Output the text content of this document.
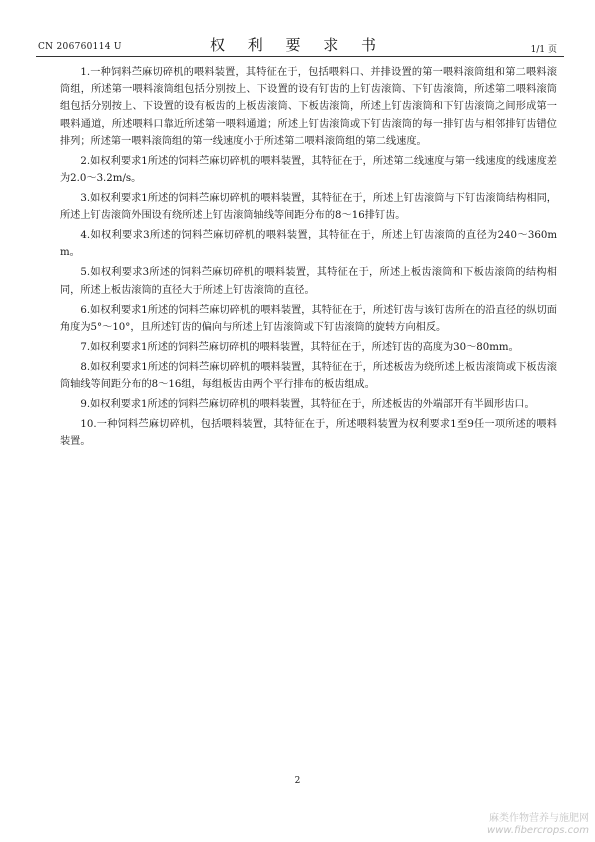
CN 206760114 U	权 利 要 求 书	1/1 页
1.一种饲料苎麻切碎机的喂料装置，其特征在于，包括喂料口、并排设置的第一喂料滚筒组和第二喂料滚筒组，所述第一喂料滚筒组包括分别按上、下设置的设有钉齿的上钉齿滚筒、下钉齿滚筒，所述第二喂料滚筒组包括分别按上、下设置的设有板齿的上板齿滚筒、下板齿滚筒，所述上钉齿滚筒和下钉齿滚筒之间形成第一喂料通道，所述喂料口靠近所述第一喂料通道；所述上钉齿滚筒或下钉齿滚筒的每一排钉齿与相邻排钉齿错位排列；所述第一喂料滚筒组的第一线速度小于所述第二喂料滚筒组的第二线速度。
2.如权利要求1所述的饲料苎麻切碎机的喂料装置，其特征在于，所述第二线速度与第一线速度的线速度差为2.0～3.2m/s。
3.如权利要求1所述的饲料苎麻切碎机的喂料装置，其特征在于，所述上钉齿滚筒与下钉齿滚筒结构相同，所述上钉齿滚筒外围设有绕所述上钉齿滚筒轴线等间距分布的8～16排钉齿。
4.如权利要求3所述的饲料苎麻切碎机的喂料装置，其特征在于，所述上钉齿滚筒的直径为240～360mm。
5.如权利要求3所述的饲料苎麻切碎机的喂料装置，其特征在于，所述上板齿滚筒和下板齿滚筒的结构相同，所述上板齿滚筒的直径大于所述上钉齿滚筒的直径。
6.如权利要求1所述的饲料苎麻切碎机的喂料装置，其特征在于，所述钉齿与该钉齿所在的沿直径的纵切面角度为5°～10°，且所述钉齿的偏向与所述上钉齿滚筒或下钉齿滚筒的旋转方向相反。
7.如权利要求1所述的饲料苎麻切碎机的喂料装置，其特征在于，所述钉齿的高度为30～80mm。
8.如权利要求1所述的饲料苎麻切碎机的喂料装置，其特征在于，所述板齿为绕所述上板齿滚筒或下板齿滚筒轴线等间距分布的8～16组，每组板齿由两个平行排布的板齿组成。
9.如权利要求1所述的饲料苎麻切碎机的喂料装置，其特征在于，所述板齿的外端部开有半圆形齿口。
10.一种饲料苎麻切碎机，包括喂料装置，其特征在于，所述喂料装置为权利要求1至9任一项所述的喂料装置。
2
麻类作物营养与施肥网
www.fibercrops.com
